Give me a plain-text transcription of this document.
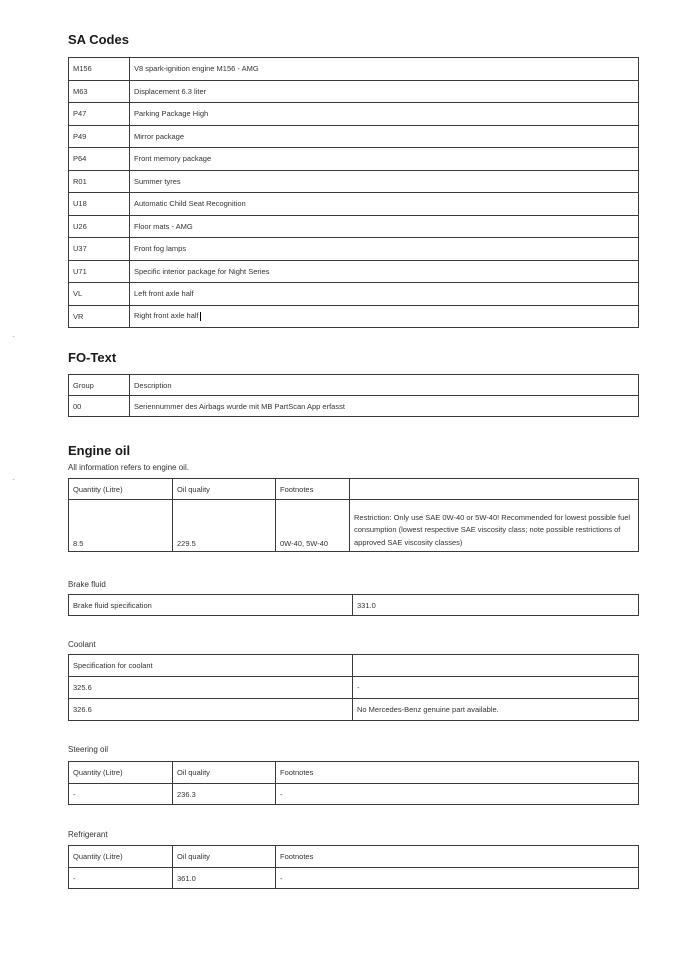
SA Codes
M156	V8 spark-ignition engine M156 - AMG
M63	Displacement 6.3 liter
P47	Parking Package High
P49	Mirror package
P64	Front memory package
R01	Summer tyres
U18	Automatic Child Seat Recognition
U26	Floor mats - AMG
U37	Front fog lamps
U71	Specific interior package for Night Series
VL	Left front axle half
VR	Right front axle half
·
FO-Text
Group	Description
00	Seriennummer des Airbags wurde mit MB PartScan App erfasst
Engine oil
All information refers to engine oil.
·
Quantity (Litre)	Oil quality	Footnotes	
8.5	229.5	0W-40, 5W-40	Restriction: Only use SAE 0W-40 or 5W-40! Recommended for lowest possible fuel consumption (lowest respective SAE viscosity class; note possible restrictions of approved SAE viscosity classes)
Brake fluid
Brake fluid specification	331.0
Coolant
Specification for coolant	
325.6	-
326.6	No Mercedes-Benz genuine part available.
Steering oil
Quantity (Litre)	Oil quality	Footnotes
-	236.3	-
Refrigerant
Quantity (Litre)	Oil quality	Footnotes
-	361.0	-
